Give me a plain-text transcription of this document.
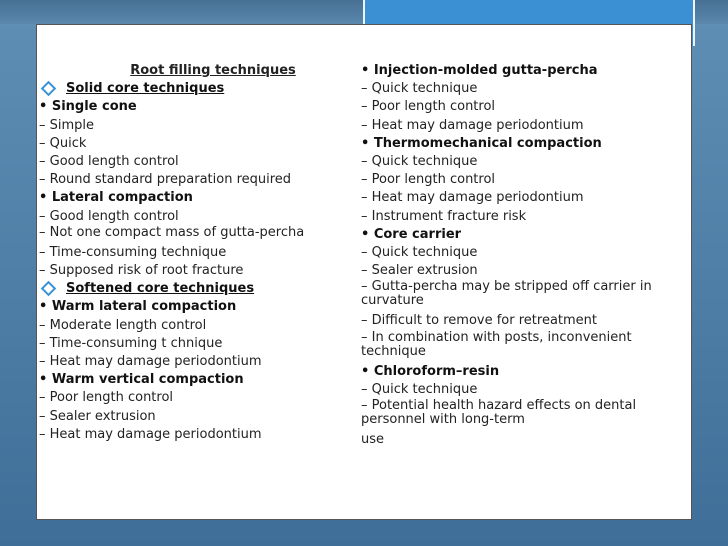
Root filling techniques
Solid core techniques
• Single cone
– Simple
– Quick
– Good length control
– Round standard preparation required
• Lateral compaction
– Good length control
– Not one compact mass of gutta-percha
– Time-consuming technique
– Supposed risk of root fracture
Softened core techniques
• Warm lateral compaction
– Moderate length control
– Time-consuming t chnique
– Heat may damage periodontium
• Warm vertical compaction
– Poor length control
– Sealer extrusion
– Heat may damage periodontium
• Injection-molded gutta-percha
– Quick technique
– Poor length control
– Heat may damage periodontium
• Thermomechanical compaction
– Quick technique
– Poor length control
– Heat may damage periodontium
– Instrument fracture risk
• Core carrier
– Quick technique
– Sealer extrusion
– Gutta-percha may be stripped off carrier in curvature
– Difficult to remove for retreatment
– In combination with posts, inconvenient technique
• Chloroform–resin
– Quick technique
– Potential health hazard effects on dental personnel with long-term
use
